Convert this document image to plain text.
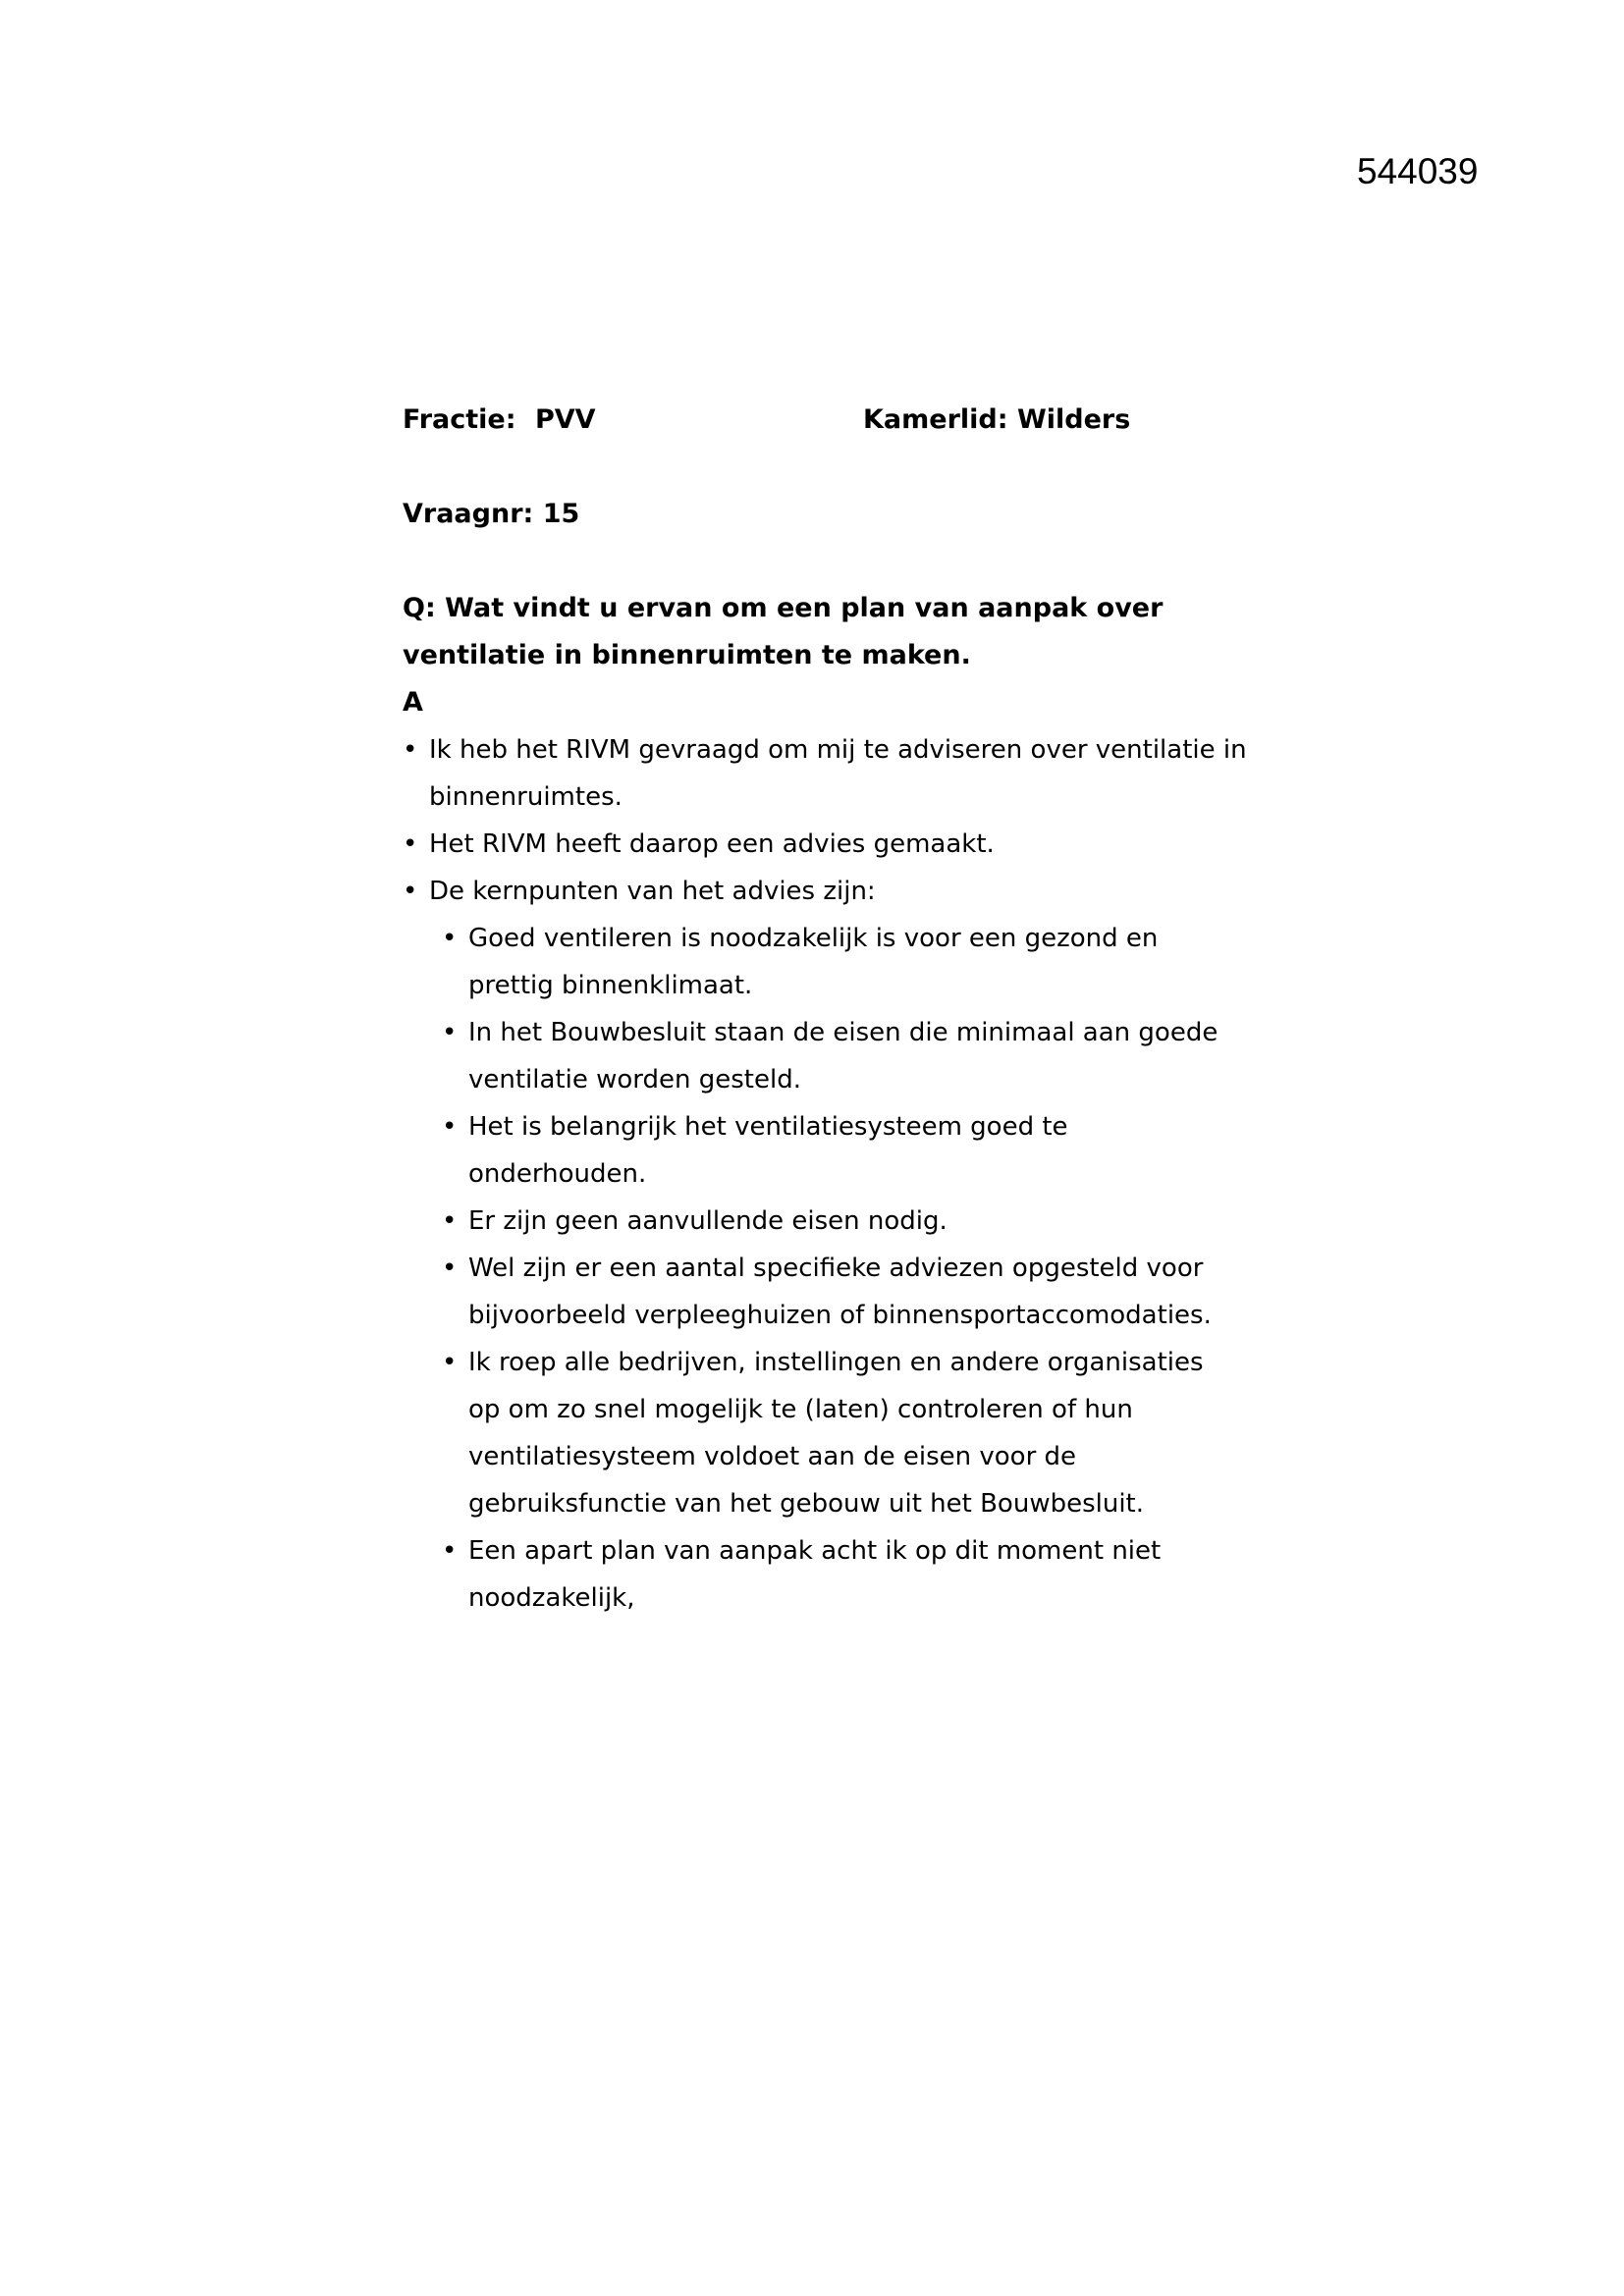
544039
Fractie: PVV	Kamerlid: Wilders
Vraagnr: 15
Q: Wat vindt u ervan om een plan van aanpak over ventilatie in binnenruimten te maken.
A
• Ik heb het RIVM gevraagd om mij te adviseren over ventilatie in binnenruimtes.
• Het RIVM heeft daarop een advies gemaakt.
• De kernpunten van het advies zijn:
• Goed ventileren is noodzakelijk is voor een gezond en prettig binnenklimaat.
• In het Bouwbesluit staan de eisen die minimaal aan goede ventilatie worden gesteld.
• Het is belangrijk het ventilatiesysteem goed te onderhouden.
• Er zijn geen aanvullende eisen nodig.
• Wel zijn er een aantal specifieke adviezen opgesteld voor bijvoorbeeld verpleeghuizen of binnensportaccomodaties.
• Ik roep alle bedrijven, instellingen en andere organisaties op om zo snel mogelijk te (laten) controleren of hun ventilatiesysteem voldoet aan de eisen voor de gebruiksfunctie van het gebouw uit het Bouwbesluit.
• Een apart plan van aanpak acht ik op dit moment niet noodzakelijk,
